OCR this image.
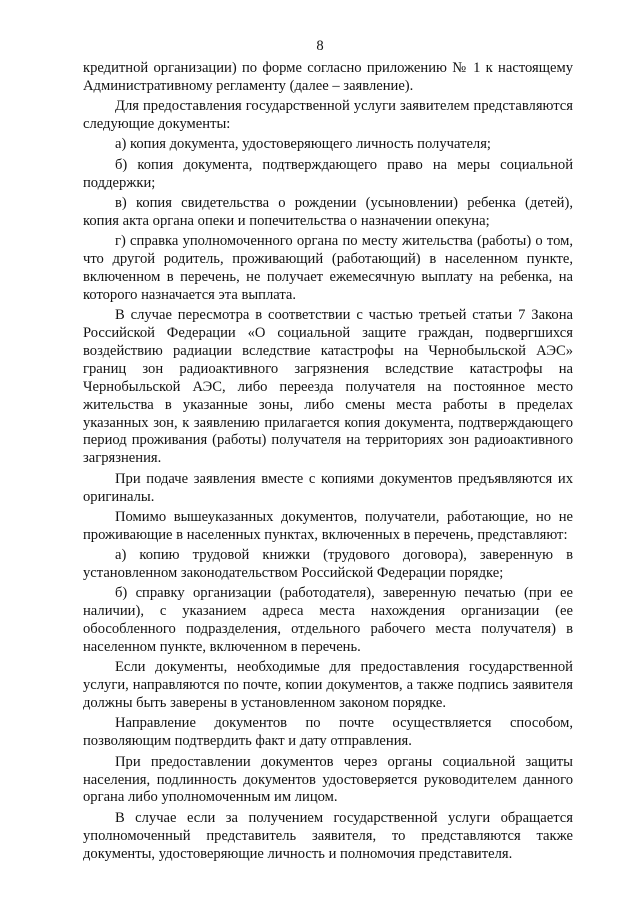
8

кредитной организации) по форме согласно приложению № 1 к настоящему Административному регламенту (далее – заявление).

Для предоставления государственной услуги заявителем представляются следующие документы:

а) копия документа, удостоверяющего личность получателя;

б) копия документа, подтверждающего право на меры социальной поддержки;

в) копия свидетельства о рождении (усыновлении) ребенка (детей), копия акта органа опеки и попечительства о назначении опекуна;

г) справка уполномоченного органа по месту жительства (работы) о том, что другой родитель, проживающий (работающий) в населенном пункте, включенном в перечень, не получает ежемесячную выплату на ребенка, на которого назначается эта выплата.

В случае пересмотра в соответствии с частью третьей статьи 7 Закона Российской Федерации «О социальной защите граждан, подвергшихся воздействию радиации вследствие катастрофы на Чернобыльской АЭС» границ зон радиоактивного загрязнения вследствие катастрофы на Чернобыльской АЭС, либо переезда получателя на постоянное место жительства в указанные зоны, либо смены места работы в пределах указанных зон, к заявлению прилагается копия документа, подтверждающего период проживания (работы) получателя на территориях зон радиоактивного загрязнения.

При подаче заявления вместе с копиями документов предъявляются их оригиналы.

Помимо вышеуказанных документов, получатели, работающие, но не проживающие в населенных пунктах, включенных в перечень, представляют:

а) копию трудовой книжки (трудового договора), заверенную в установленном законодательством Российской Федерации порядке;

б) справку организации (работодателя), заверенную печатью (при ее наличии), с указанием адреса места нахождения организации (ее обособленного подразделения, отдельного рабочего места получателя) в населенном пункте, включенном в перечень.

Если документы, необходимые для предоставления государственной услуги, направляются по почте, копии документов, а также подпись заявителя должны быть заверены в установленном законом порядке.

Направление документов по почте осуществляется способом, позволяющим подтвердить факт и дату отправления.

При предоставлении документов через органы социальной защиты населения, подлинность документов удостоверяется руководителем данного органа либо уполномоченным им лицом.

В случае если за получением государственной услуги обращается уполномоченный представитель заявителя, то представляются также документы, удостоверяющие личность и полномочия представителя.
